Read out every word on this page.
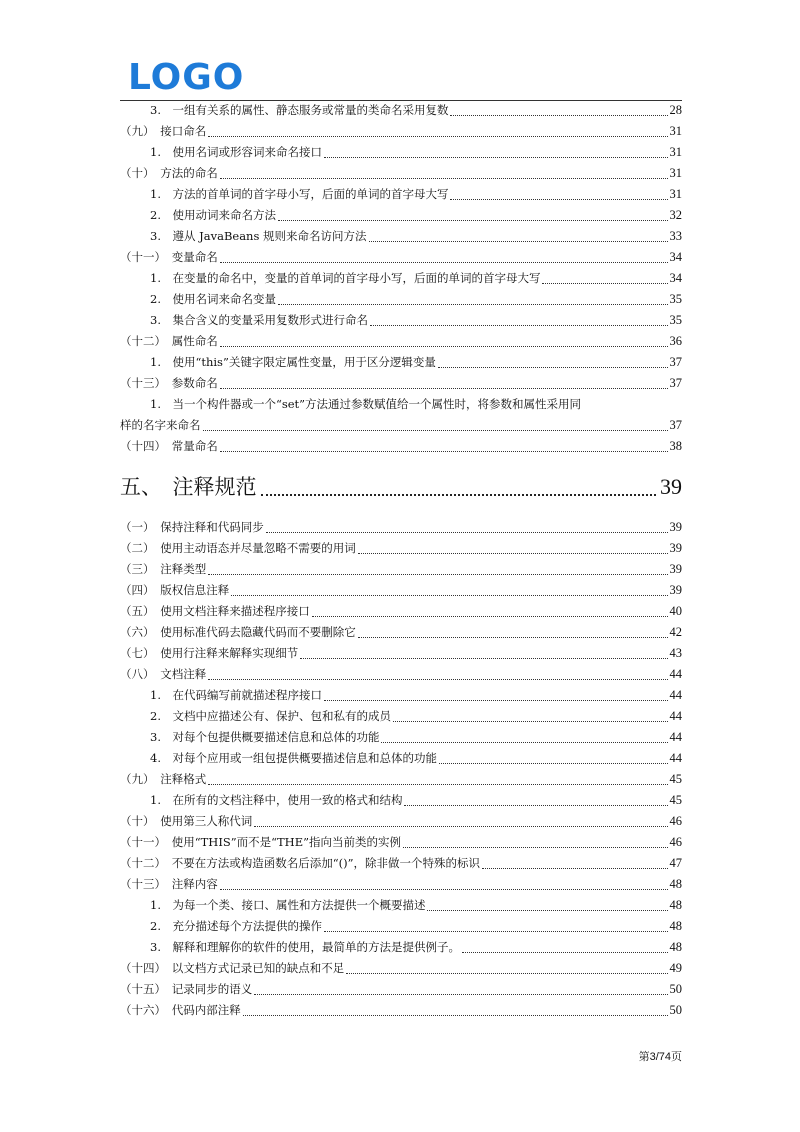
LOGO
3.　一组有关系的属性、静态服务或常量的类命名采用复数	28
（九）　接口命名	31
1.　使用名词或形容词来命名接口	31
（十）　方法的命名	31
1.　方法的首单词的首字母小写，后面的单词的首字母大写	31
2.　使用动词来命名方法	32
3.　遵从 JavaBeans 规则来命名访问方法	33
（十一）　变量命名	34
1.　在变量的命名中，变量的首单词的首字母小写，后面的单词的首字母大写	34
2.　使用名词来命名变量	35
3.　集合含义的变量采用复数形式进行命名	35
（十二）　属性命名	36
1.　使用“this”关键字限定属性变量，用于区分逻辑变量	37
（十三）　参数命名	37
1.　当一个构件器或一个“set”方法通过参数赋值给一个属性时，将参数和属性采用同
样的名字来命名	37
（十四）　常量命名	38
五、　注释规范	39
（一）　保持注释和代码同步	39
（二）　使用主动语态并尽量忽略不需要的用词	39
（三）　注释类型	39
（四）　版权信息注释	39
（五）　使用文档注释来描述程序接口	40
（六）　使用标准代码去隐藏代码而不要删除它	42
（七）　使用行注释来解释实现细节	43
（八）　文档注释	44
1.　在代码编写前就描述程序接口	44
2.　文档中应描述公有、保护、包和私有的成员	44
3.　对每个包提供概要描述信息和总体的功能	44
4.　对每个应用或一组包提供概要描述信息和总体的功能	44
（九）　注释格式	45
1.　在所有的文档注释中，使用一致的格式和结构	45
（十）　使用第三人称代词	46
（十一）　使用“THIS”而不是“THE”指向当前类的实例	46
（十二）　不要在方法或构造函数名后添加“()”，除非做一个特殊的标识	47
（十三）　注释内容	48
1.　为每一个类、接口、属性和方法提供一个概要描述	48
2.　充分描述每个方法提供的操作	48
3.　解释和理解你的软件的使用，最简单的方法是提供例子。	48
（十四）　以文档方式记录已知的缺点和不足	49
（十五）　记录同步的语义	50
（十六）　代码内部注释	50
第3/74页
